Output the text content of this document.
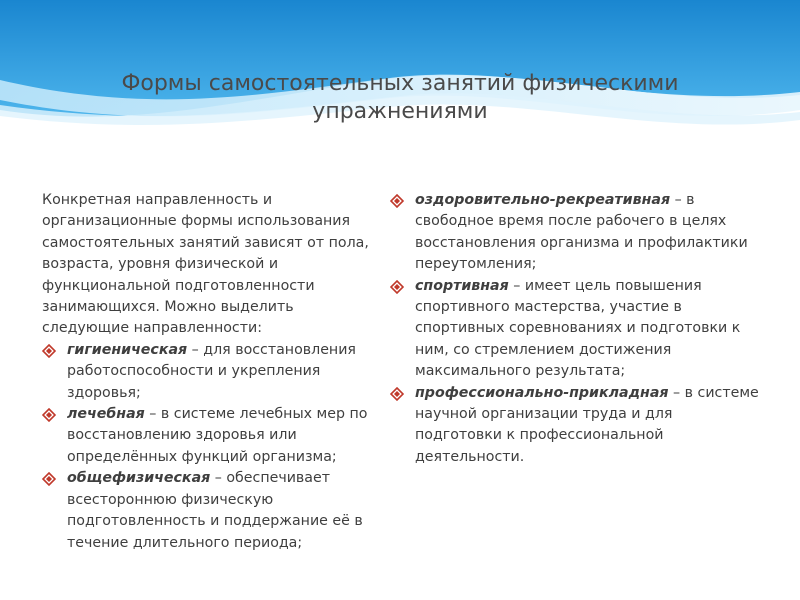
Формы самостоятельных занятий физическими упражнениями

Конкретная направленность и организационные формы использования самостоятельных занятий зависят от пола, возраста, уровня физической и функциональной подготовленности занимающихся. Можно выделить следующие направленности:

гигиеническая – для восстановления работоспособности и укрепления здоровья;
лечебная – в системе лечебных мер по восстановлению здоровья или определённых функций организма;
общефизическая – обеспечивает всестороннюю физическую подготовленность и поддержание её в течение длительного периода;
оздоровительно-рекреативная – в свободное время после рабочего в целях восстановления организма и профилактики переутомления;
спортивная – имеет цель повышения спортивного мастерства, участие в спортивных соревнованиях и подготовки к ним, со стремлением достижения максимального результата;
профессионально-прикладная – в системе научной организации труда и для подготовки к профессиональной деятельности.
